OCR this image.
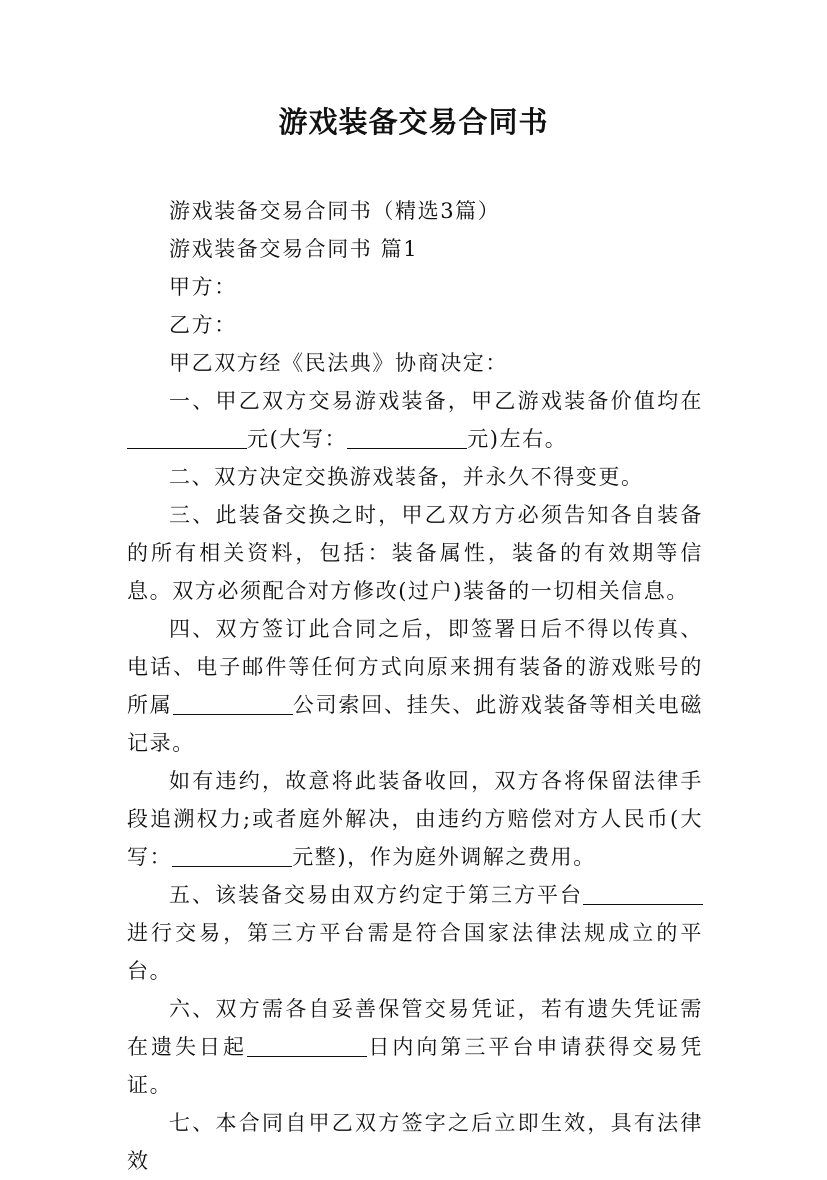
游戏装备交易合同书

游戏装备交易合同书（精选3篇）

游戏装备交易合同书 篇1

甲方：

乙方：

甲乙双方经《民法典》协商决定：

一、甲乙双方交易游戏装备，甲乙游戏装备价值均在元(大写：	元)左右。

二、双方决定交换游戏装备，并永久不得变更。

三、此装备交换之时，甲乙双方方必须告知各自装备的所有相关资料，包括：装备属性，装备的有效期等信息。双方必须配合对方修改(过户)装备的一切相关信息。

四、双方签订此合同之后，即签署日后不得以传真、电话、电子邮件等任何方式向原来拥有装备的游戏账号的所属	公司索回、挂失、此游戏装备等相关电磁记录。

如有违约，故意将此装备收回，双方各将保留法律手段追溯权力;或者庭外解决，由违约方赔偿对方人民币(大写：	元整)，作为庭外调解之费用。

五、该装备交易由双方约定于第三方平台进行交易，第三方平台需是符合国家法律法规成立的平台。

六、双方需各自妥善保管交易凭证，若有遗失凭证需在遗失日起	日内向第三平台申请获得交易凭证。

七、本合同自甲乙双方签字之后立即生效，具有法律效
